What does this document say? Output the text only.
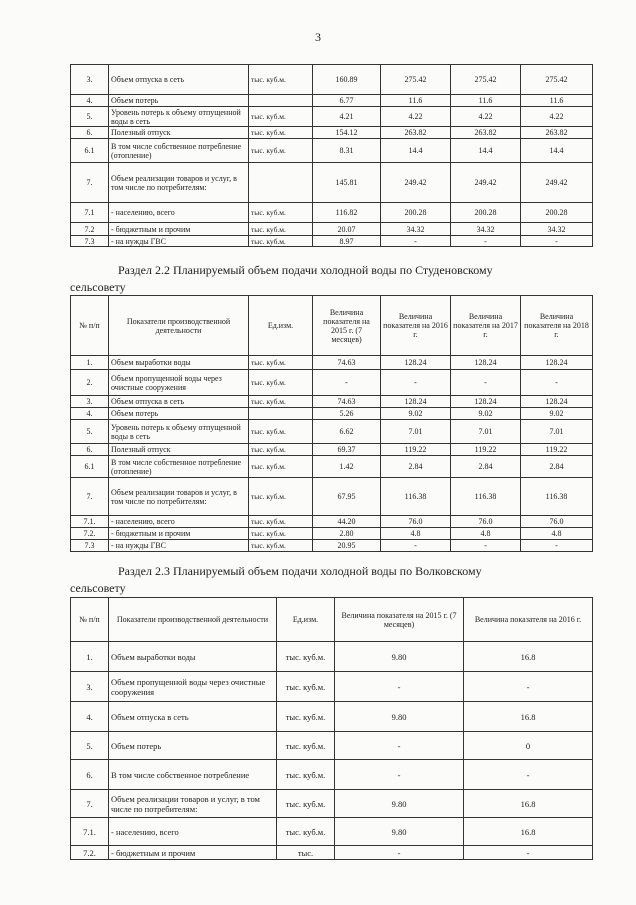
3
3.	Объем отпуска в сеть	тыс. куб.м.	160.89	275.42	275.42	275.42
4.	Объем потерь		6.77	11.6	11.6	11.6
5.	Уровень потерь к объему отпущенной воды в сеть	тыс. куб.м.	4.21	4.22	4.22	4.22
6.	Полезный отпуск	тыс. куб.м.	154.12	263.82	263.82	263.82
6.1	В том числе собственное потребление (отопление)	тыс. куб.м.	8.31	14.4	14.4	14.4
7.	Объем реализации товаров и услуг, в том числе по потребителям:		145.81	249.42	249.42	249.42
7.1	- населению, всего	тыс. куб.м.	116.82	200.28	200.28	200.28
7.2	- бюджетным и прочим	тыс. куб.м.	20.07	34.32	34.32	34.32
7.3	- на нужды ГВС	тыс. куб.м.	8.97	-	-	-
Раздел 2.2 Планируемый объем подачи холодной воды по Студеновскому
сельсовету
№ п/п	Показатели производственной деятельности	Ед.изм.	Величина показателя на 2015 г. (7 месяцев)	Величина показателя на 2016 г.	Величина показателя на 2017 г.	Величина показателя на 2018 г.
1.	Объем выработки воды	тыс. куб.м.	74.63	128.24	128.24	128.24
2.	Объем пропущенной воды через очистные сооружения	тыс. куб.м.	-	-	-	-
3.	Объем отпуска в сеть	тыс. куб.м.	74.63	128.24	128.24	128.24
4.	Объем потерь		5.26	9.02	9.02	9.02
5.	Уровень потерь к объему отпущенной воды в сеть	тыс. куб.м.	6.62	7.01	7.01	7.01
6.	Полезный отпуск	тыс. куб.м.	69.37	119.22	119.22	119.22
6.1	В том числе собственное потребление (отопление)	тыс. куб.м.	1.42	2.84	2.84	2.84
7.	Объем реализации товаров и услуг, в том числе по потребителям:	тыс. куб.м.	67.95	116.38	116.38	116.38
7.1.	- населению, всего	тыс. куб.м.	44.20	76.0	76.0	76.0
7.2.	- бюджетным и прочим	тыс. куб.м.	2.80	4.8	4.8	4.8
7.3	- на нужды ГВС	тыс. куб.м.	20.95	-	-	-
Раздел 2.3 Планируемый объем подачи холодной воды по Волковскому
сельсовету
№ п/п	Показатели производственной деятельности	Ед.изм.	Величина показателя на 2015 г. (7 месяцев)	Величина показателя на 2016 г.
1.	Объем выработки воды	тыс. куб.м.	9.80	16.8
3.	Объем пропущенной воды через очистные сооружения	тыс. куб.м.	-	-
4.	Объем отпуска в сеть	тыс. куб.м.	9.80	16.8
5.	Объем потерь	тыс. куб.м.	-	0
6.	В том числе собственное потребление	тыс. куб.м.	-	-
7.	Объем реализации товаров и услуг, в том числе по потребителям:	тыс. куб.м.	9.80	16.8
7.1.	- населению, всего	тыс. куб.м.	9.80	16.8
7.2.	- бюджетным и прочим	тыс.	-	-
